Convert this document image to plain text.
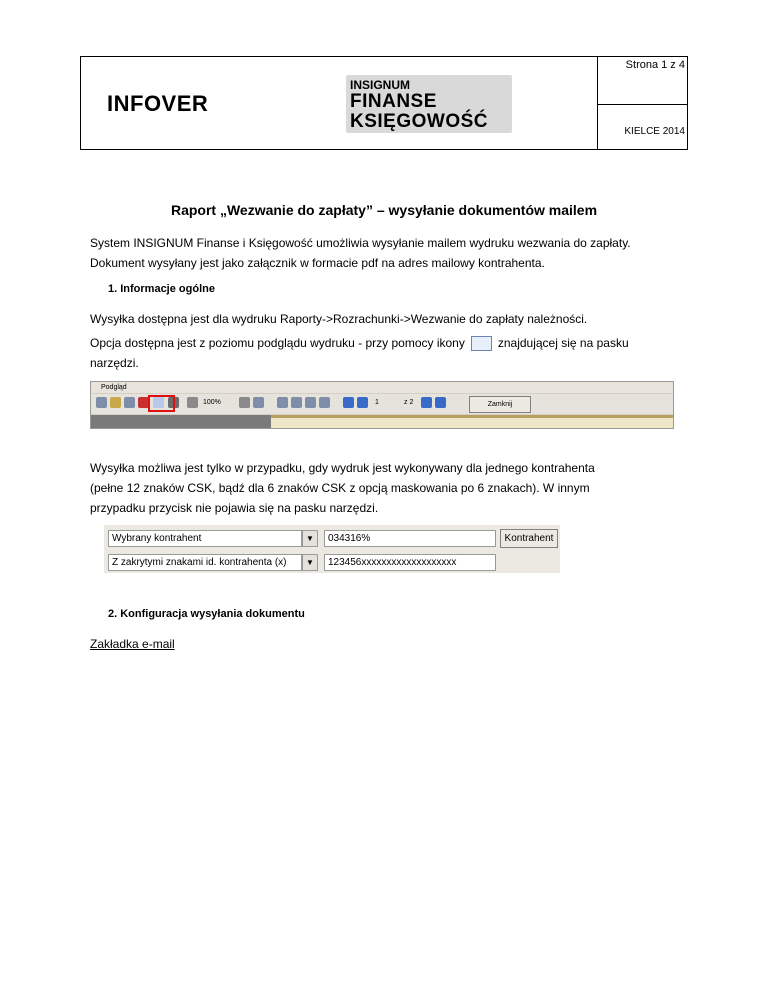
INFOVER
INSIGNUM
FINANSE
KSIĘGOWOŚĆ
Strona 1 z 4
KIELCE 2014
Raport „Wezwanie do zapłaty” – wysyłanie dokumentów mailem
System INSIGNUM Finanse i Księgowość umożliwia wysyłanie mailem wydruku wezwania do zapłaty.
Dokument wysyłany jest jako załącznik w formacie pdf na adres mailowy kontrahenta.
1. Informacje ogólne
Wysyłka dostępna jest dla wydruku Raporty->Rozrachunki->Wezwanie do zapłaty należności.
Opcja dostępna jest z poziomu podglądu wydruku - przy pomocy ikony	znajdującej się na pasku
narzędzi.
Podgląd
100%	1	z 2	Zamknij
Wysyłka możliwa jest tylko w przypadku, gdy wydruk jest wykonywany dla jednego kontrahenta
(pełne 12 znaków CSK, bądź dla 6 znaków CSK z opcją maskowania po 6 znakach). W innym
przypadku przycisk nie pojawia się na pasku narzędzi.
Wybrany kontrahent	▼	034316%	Kontrahent
Z zakrytymi znakami id. kontrahenta (x)	▼	123456xxxxxxxxxxxxxxxxxxx
2. Konfiguracja wysyłania dokumentu
Zakładka e-mail
